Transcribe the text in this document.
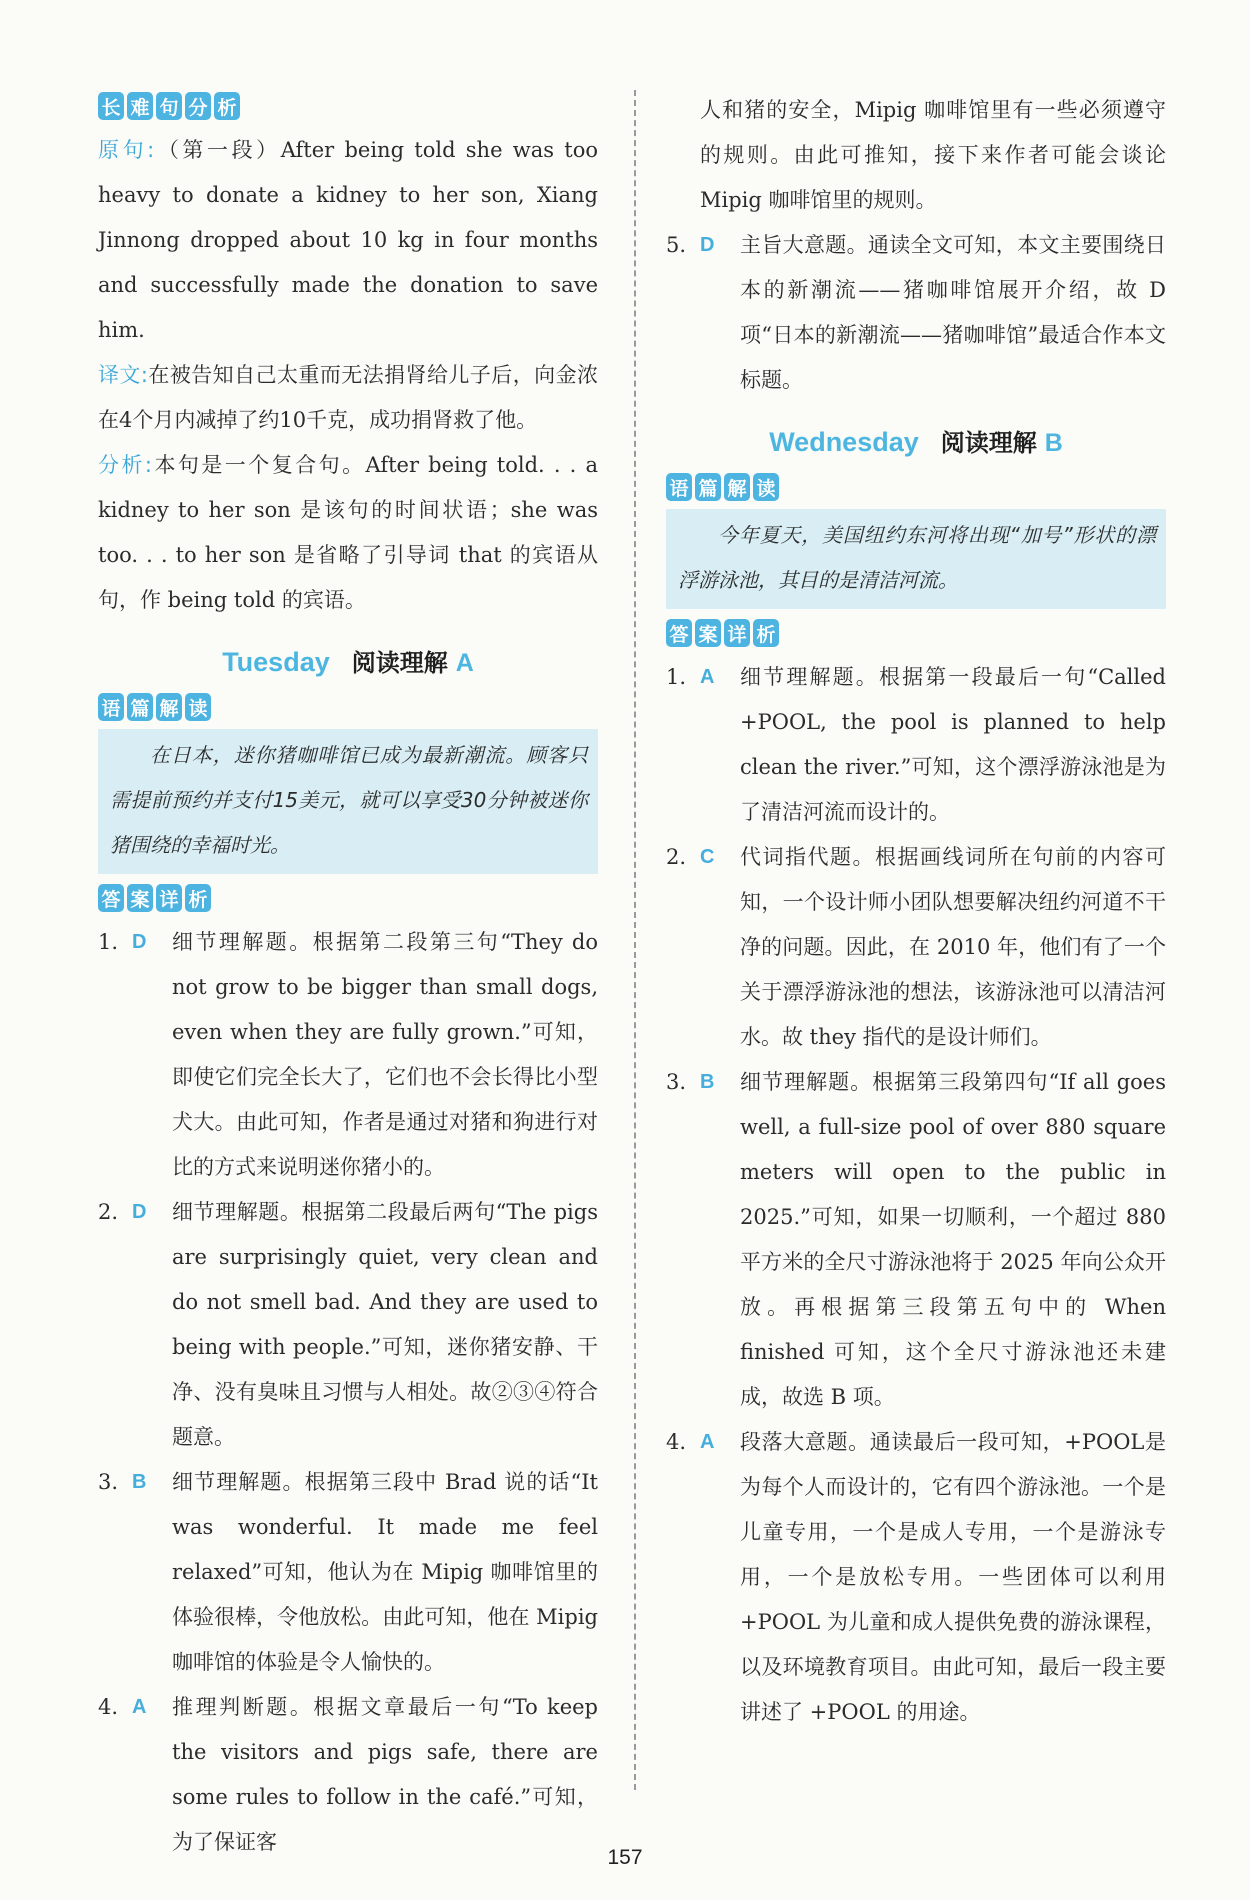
长 难 句 分 析

原句:（第一段）After being told she was too heavy to donate a kidney to her son, Xiang Jinnong dropped about 10 kg in four months and successfully made the donation to save him.

译文:在被告知自己太重而无法捐肾给儿子后，向金浓在4个月内减掉了约10千克，成功捐肾救了他。

分析:本句是一个复合句。After being told. . . a kidney to her son 是该句的时间状语；she was too. . . to her son 是省略了引导词 that 的宾语从句，作 being told 的宾语。

Tuesday 阅读理解 A
语 篇 解 读
在日本，迷你猪咖啡馆已成为最新潮流。顾客只需提前预约并支付15美元，就可以享受30分钟被迷你猪围绕的幸福时光。
答 案 详 析
1. D	细节理解题。根据第二段第三句“They do not grow to be bigger than small dogs, even when they are fully grown.”可知，即使它们完全长大了，它们也不会长得比小型犬大。由此可知，作者是通过对猪和狗进行对比的方式来说明迷你猪小的。
2. D	细节理解题。根据第二段最后两句“The pigs are surprisingly quiet, very clean and do not smell bad. And they are used to being with people.”可知，迷你猪安静、干净、没有臭味且习惯与人相处。故②③④符合题意。
3. B	细节理解题。根据第三段中 Brad 说的话“It was wonderful. It made me feel relaxed”可知，他认为在 Mipig 咖啡馆里的体验很棒，令他放松。由此可知，他在 Mipig 咖啡馆的体验是令人愉快的。
4. A	推理判断题。根据文章最后一句“To keep the visitors and pigs safe, there are some rules to follow in the café.”可知，为了保证客
人和猪的安全，Mipig 咖啡馆里有一些必须遵守的规则。由此可推知，接下来作者可能会谈论 Mipig 咖啡馆里的规则。
5. D	主旨大意题。通读全文可知，本文主要围绕日本的新潮流——猪咖啡馆展开介绍，故 D 项“日本的新潮流——猪咖啡馆”最适合作本文标题。
Wednesday 阅读理解 B
语 篇 解 读
今年夏天，美国纽约东河将出现“加号”形状的漂浮游泳池，其目的是清洁河流。
答 案 详 析
1. A	细节理解题。根据第一段最后一句“Called +POOL, the pool is planned to help clean the river.”可知，这个漂浮游泳池是为了清洁河流而设计的。
2. C	代词指代题。根据画线词所在句前的内容可知，一个设计师小团队想要解决纽约河道不干净的问题。因此，在 2010 年，他们有了一个关于漂浮游泳池的想法，该游泳池可以清洁河水。故 they 指代的是设计师们。
3. B	细节理解题。根据第三段第四句“If all goes well, a full-size pool of over 880 square meters will open to the public in 2025.”可知，如果一切顺利，一个超过 880 平方米的全尺寸游泳池将于 2025 年向公众开放。再根据第三段第五句中的 When finished 可知，这个全尺寸游泳池还未建成，故选 B 项。
4. A	段落大意题。通读最后一段可知，+POOL是为每个人而设计的，它有四个游泳池。一个是儿童专用，一个是成人专用，一个是游泳专用，一个是放松专用。一些团体可以利用 +POOL 为儿童和成人提供免费的游泳课程，以及环境教育项目。由此可知，最后一段主要讲述了 +POOL 的用途。
157
